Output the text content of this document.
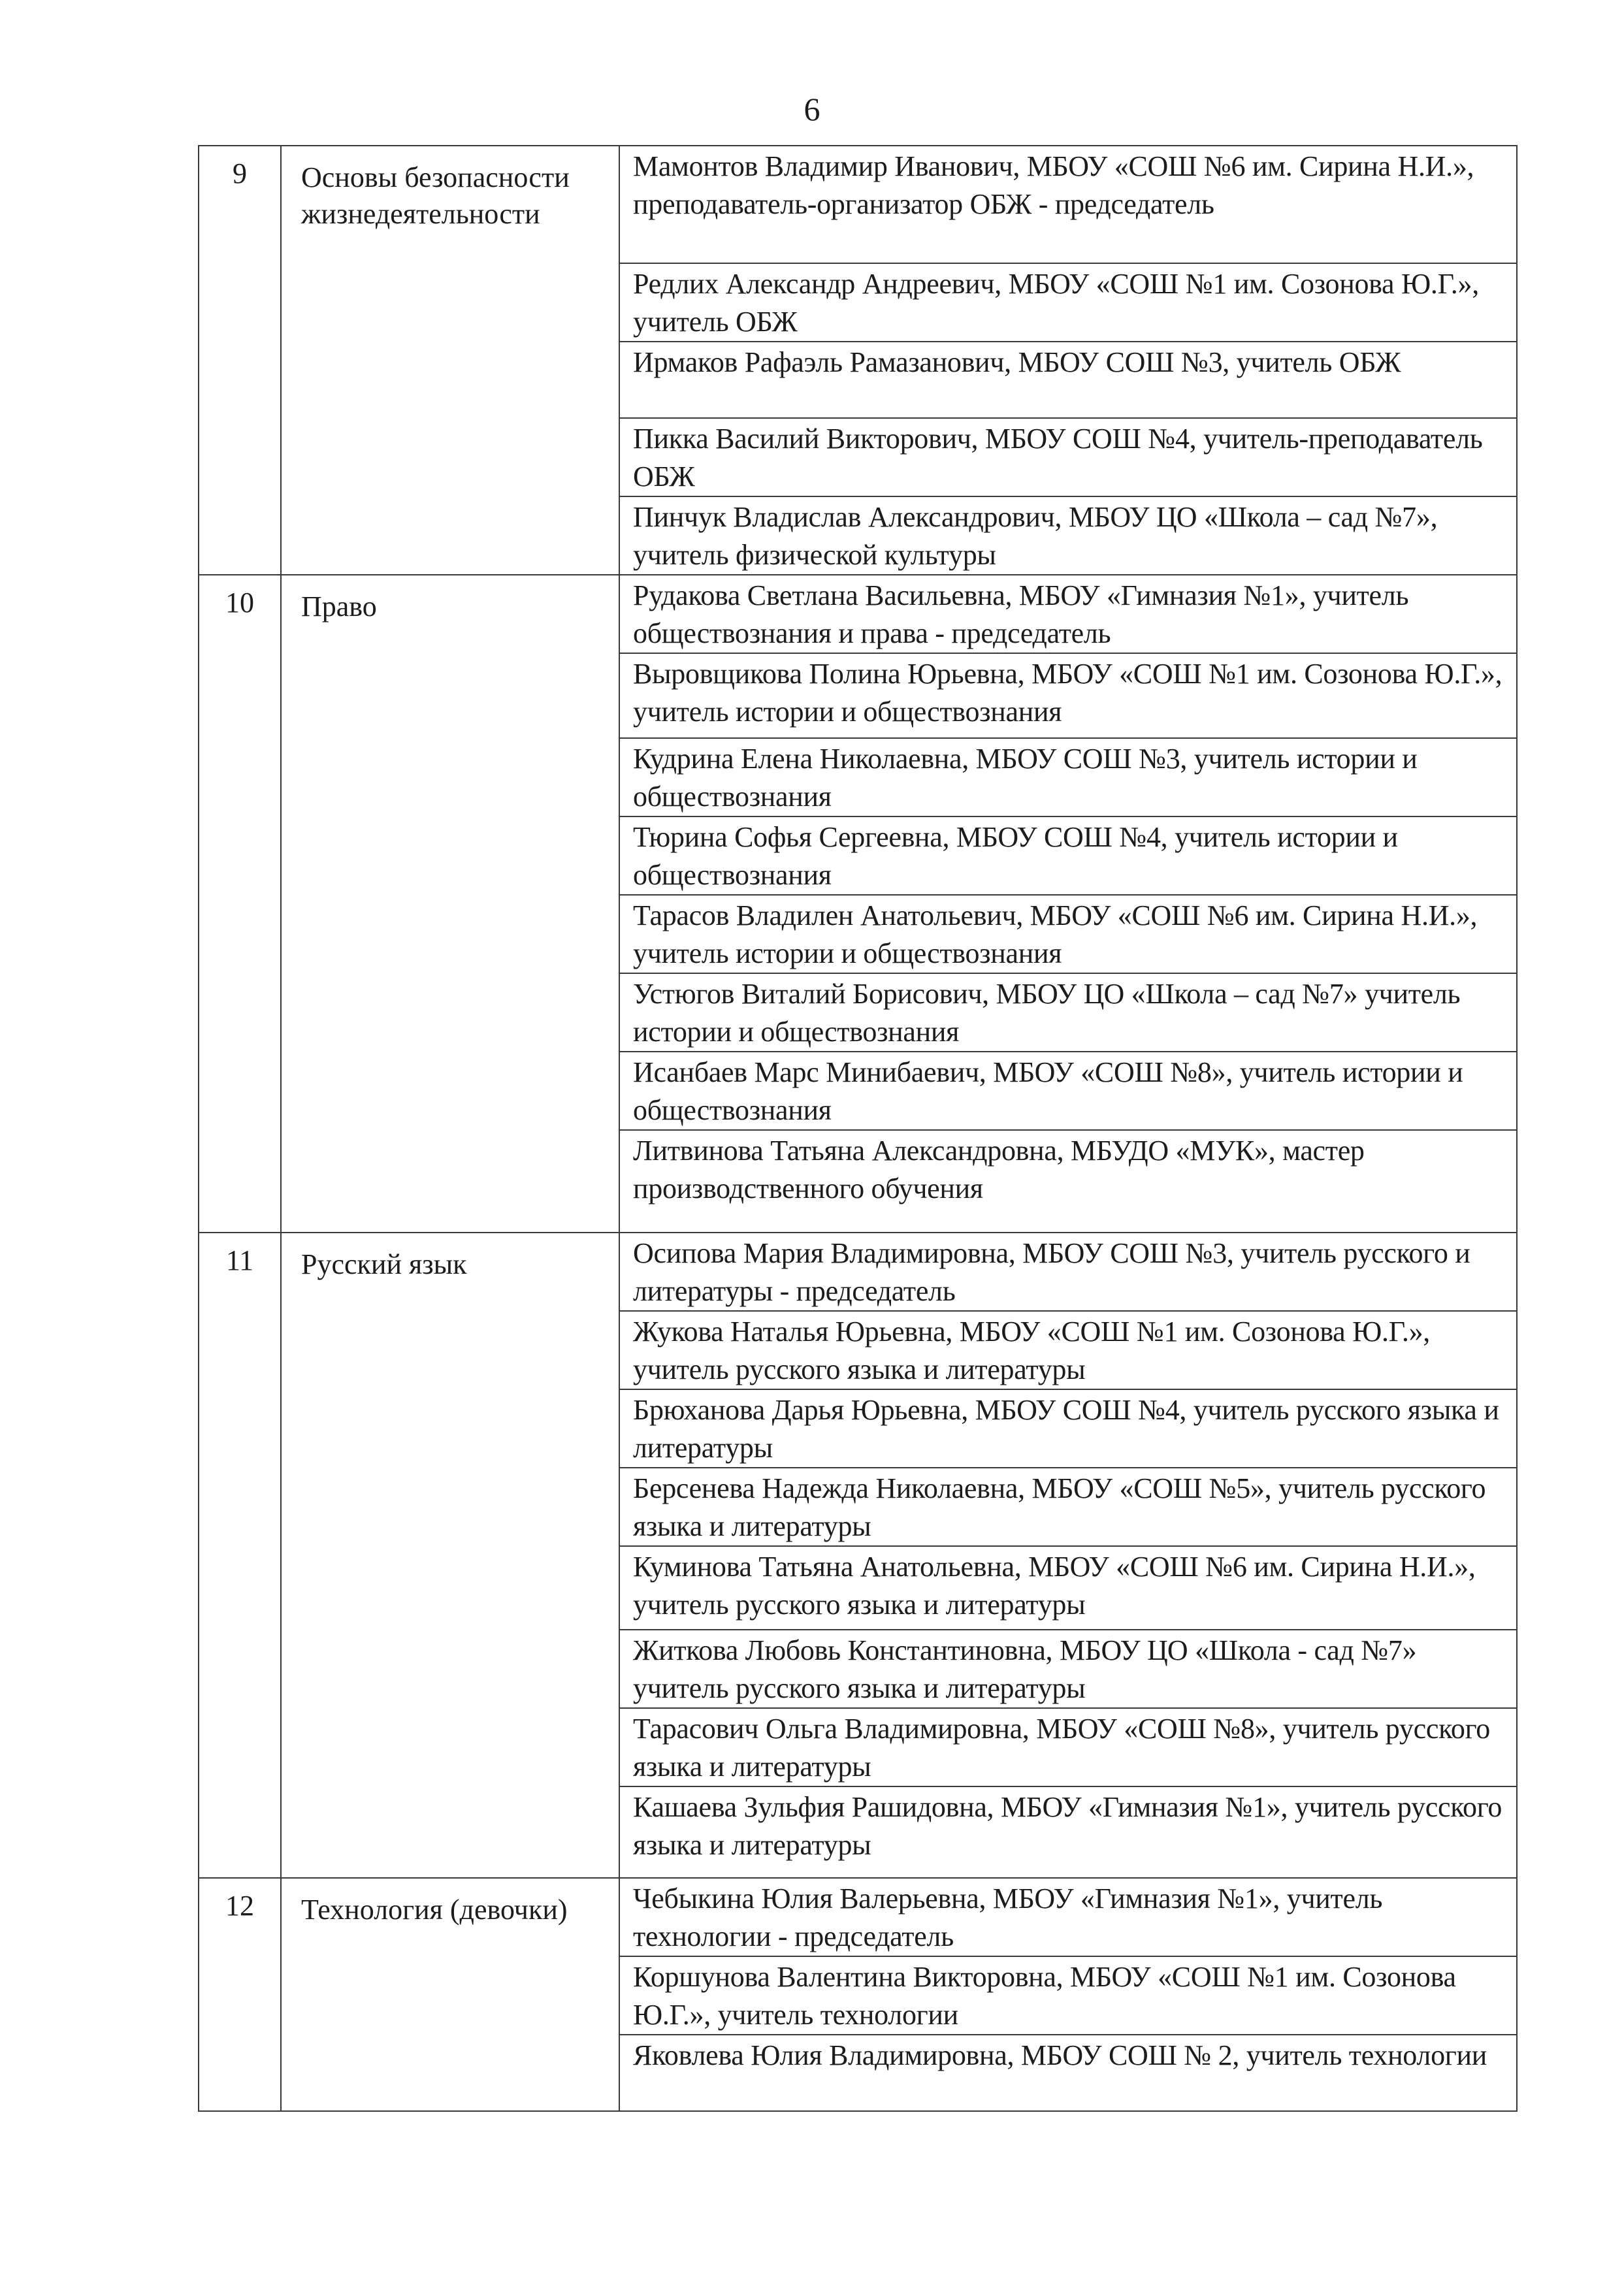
6
9	Основы безопасности жизнедеятельности	Мамонтов Владимир Иванович, МБОУ «СОШ №6 им. Сирина Н.И.», преподаватель-организатор ОБЖ - председатель
		Редлих Александр Андреевич, МБОУ «СОШ №1 им. Созонова Ю.Г.», учитель ОБЖ
		Ирмаков Рафаэль Рамазанович, МБОУ СОШ №3, учитель ОБЖ
		Пикка Василий Викторович, МБОУ СОШ №4, учитель-преподаватель ОБЖ
		Пинчук Владислав Александрович, МБОУ ЦО «Школа – сад №7», учитель физической культуры
10	Право	Рудакова Светлана Васильевна, МБОУ «Гимназия №1», учитель обществознания и права - председатель
		Выровщикова Полина Юрьевна, МБОУ «СОШ №1 им. Созонова Ю.Г.», учитель истории и обществознания
		Кудрина Елена Николаевна, МБОУ СОШ №3, учитель истории и обществознания
		Тюрина Софья Сергеевна, МБОУ СОШ №4, учитель истории и обществознания
		Тарасов Владилен Анатольевич, МБОУ «СОШ №6 им. Сирина Н.И.», учитель истории и обществознания
		Устюгов Виталий Борисович, МБОУ ЦО «Школа – сад №7» учитель истории и обществознания
		Исанбаев Марс Минибаевич, МБОУ «СОШ №8», учитель истории и обществознания
		Литвинова Татьяна Александровна, МБУДО «МУК», мастер производственного обучения
11	Русский язык	Осипова Мария Владимировна, МБОУ СОШ №3, учитель русского и литературы - председатель
		Жукова Наталья Юрьевна, МБОУ «СОШ №1 им. Созонова Ю.Г.», учитель русского языка и литературы
		Брюханова Дарья Юрьевна, МБОУ СОШ №4, учитель русского языка и литературы
		Берсенева Надежда Николаевна, МБОУ «СОШ №5», учитель русского языка и литературы
		Куминова Татьяна Анатольевна, МБОУ «СОШ №6 им. Сирина Н.И.», учитель русского языка и литературы
		Житкова Любовь Константиновна, МБОУ ЦО «Школа - сад №7» учитель русского языка и литературы
		Тарасович Ольга Владимировна, МБОУ «СОШ №8», учитель русского языка и литературы
		Кашаева Зульфия Рашидовна, МБОУ «Гимназия №1», учитель русского языка и литературы
12	Технология (девочки)	Чебыкина Юлия Валерьевна, МБОУ «Гимназия №1», учитель технологии - председатель
		Коршунова Валентина Викторовна, МБОУ «СОШ №1 им. Созонова Ю.Г.», учитель технологии
		Яковлева Юлия Владимировна, МБОУ СОШ № 2, учитель технологии
